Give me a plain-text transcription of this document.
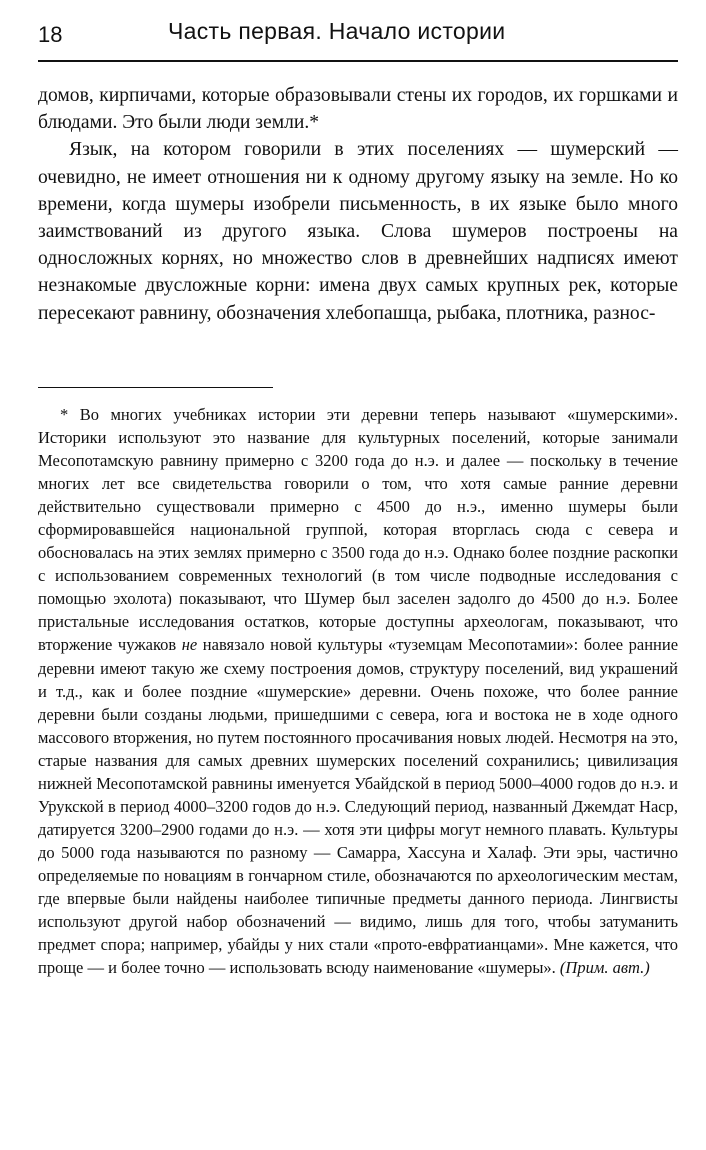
18	Часть первая. Начало истории

домов, кирпичами, которые образовывали стены их городов, их горшками и блюдами. Это были люди земли.*

Язык, на котором говорили в этих поселениях — шумерский — очевидно, не имеет отношения ни к одному другому языку на земле. Но ко времени, когда шумеры изобрели письменность, в их языке было много заимствований из другого языка. Слова шумеров построены на односложных корнях, но множество слов в древнейших надписях имеют незнакомые двусложные корни: имена двух самых крупных рек, которые пересекают равнину, обозначения хлебопашца, рыбака, плотника, разнос-

* Во многих учебниках истории эти деревни теперь называют «шумерскими». Историки используют это название для культурных поселений, которые занимали Месопотамскую равнину примерно с 3200 года до н.э. и далее — поскольку в течение многих лет все свидетельства говорили о том, что хотя самые ранние деревни действительно существовали примерно с 4500 до н.э., именно шумеры были сформировавшейся национальной группой, которая вторглась сюда с севера и обосновалась на этих землях примерно с 3500 года до н.э. Однако более поздние раскопки с использованием современных технологий (в том числе подводные исследования с помощью эхолота) показывают, что Шумер был заселен задолго до 4500 до н.э. Более пристальные исследования остатков, которые доступны археологам, показывают, что вторжение чужаков не навязало новой культуры «туземцам Месопотамии»: более ранние деревни имеют такую же схему построения домов, структуру поселений, вид украшений и т.д., как и более поздние «шумерские» деревни. Очень похоже, что более ранние деревни были созданы людьми, пришедшими с севера, юга и востока не в ходе одного массового вторжения, но путем постоянного просачивания новых людей. Несмотря на это, старые названия для самых древних шумерских поселений сохранились; цивилизация нижней Месопотамской равнины именуется Убайдской в период 5000–4000 годов до н.э. и Урукской в период 4000–3200 годов до н.э. Следующий период, названный Джемдат Наср, датируется 3200–2900 годами до н.э. — хотя эти цифры могут немного плавать. Культуры до 5000 года называются по разному — Самарра, Хассуна и Халаф. Эти эры, частично определяемые по новациям в гончарном стиле, обозначаются по археологическим местам, где впервые были найдены наиболее типичные предметы данного периода. Лингвисты используют другой набор обозначений — видимо, лишь для того, чтобы затуманить предмет спора; например, убайды у них стали «прото-евфратианцами». Мне кажется, что проще — и более точно — использовать всюду наименование «шумеры». (Прим. авт.)
